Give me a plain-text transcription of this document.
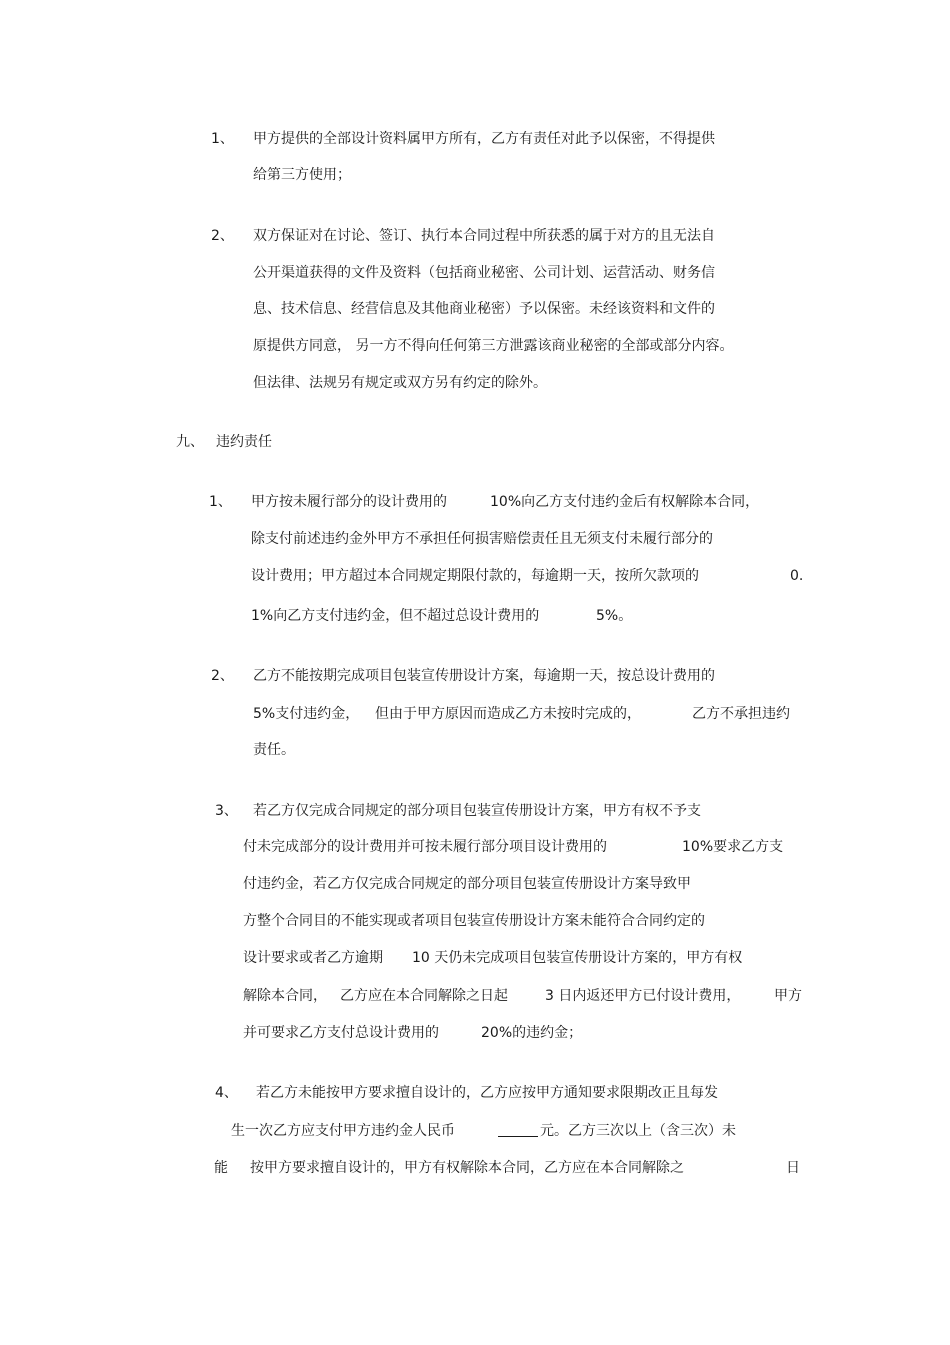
1、 甲方提供的全部设计资料属甲方所有，乙方有责任对此予以保密，不得提供
给第三方使用；
2、 双方保证对在讨论、签订、执行本合同过程中所获悉的属于对方的且无法自
公开渠道获得的文件及资料（包括商业秘密、公司计划、运营活动、财务信
息、技术信息、经营信息及其他商业秘密）予以保密。未经该资料和文件的
原提供方同意， 另一方不得向任何第三方泄露该商业秘密的全部或部分内容。
但法律、法规另有规定或双方另有约定的除外。
九、 违约责任
1、 甲方按未履行部分的设计费用的	10%向乙方支付违约金后有权解除本合同，
除支付前述违约金外甲方不承担任何损害赔偿责任且无须支付未履行部分的
设计费用；甲方超过本合同规定期限付款的，每逾期一天，按所欠款项的	0.
1%向乙方支付违约金，但不超过总设计费用的	5%。
2、 乙方不能按期完成项目包装宣传册设计方案，每逾期一天，按总设计费用的
5%支付违约金， 但由于甲方原因而造成乙方未按时完成的，	乙方不承担违约
责任。
3、 若乙方仅完成合同规定的部分项目包装宣传册设计方案，甲方有权不予支
付未完成部分的设计费用并可按未履行部分项目设计费用的	10%要求乙方支
付违约金，若乙方仅完成合同规定的部分项目包装宣传册设计方案导致甲
方整个合同目的不能实现或者项目包装宣传册设计方案未能符合合同约定的
设计要求或者乙方逾期 10 天仍未完成项目包装宣传册设计方案的，甲方有权
解除本合同， 乙方应在本合同解除之日起	3 日内返还甲方已付设计费用， 甲方
并可要求乙方支付总设计费用的	20%的违约金；
4、 若乙方未能按甲方要求擅自设计的，乙方应按甲方通知要求限期改正且每发
生一次乙方应支付甲方违约金人民币	元。乙方三次以上（含三次）未
能 按甲方要求擅自设计的，甲方有权解除本合同，乙方应在本合同解除之	日
